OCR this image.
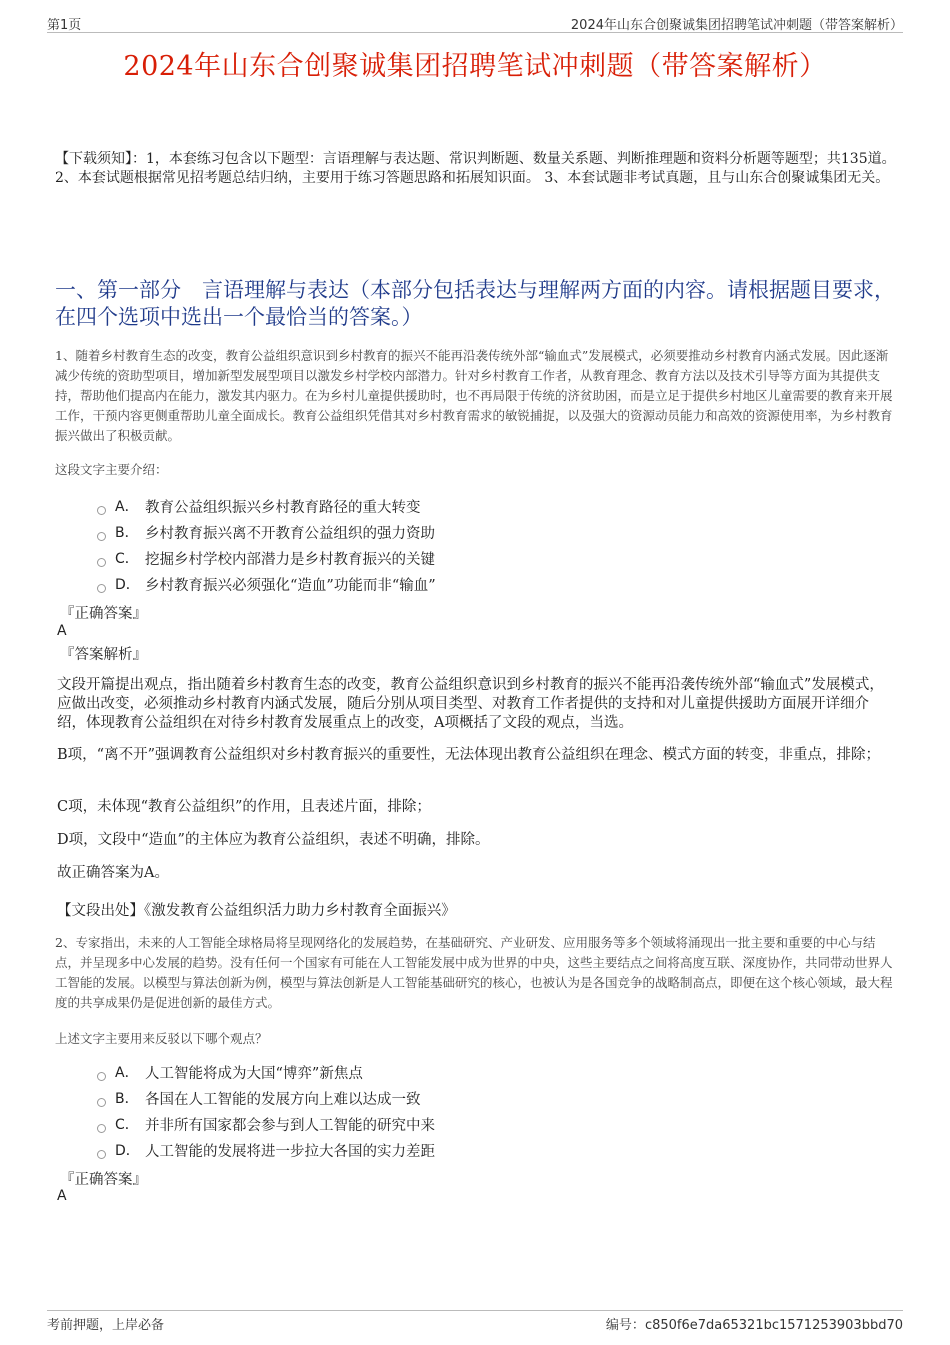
第1页	2024年山东合创聚诚集团招聘笔试冲刺题（带答案解析）
2024年山东合创聚诚集团招聘笔试冲刺题（带答案解析）
【下载须知】：1，本套练习包含以下题型：言语理解与表达题、常识判断题、数量关系题、判断推理题和资料分析题等题型；共135道。 2、本套试题根据常见招考题总结归纳，主要用于练习答题思路和拓展知识面。 3、本套试题非考试真题，且与山东合创聚诚集团无关。
一、第一部分　言语理解与表达（本部分包括表达与理解两方面的内容。请根据题目要求，在四个选项中选出一个最恰当的答案。）
1、随着乡村教育生态的改变，教育公益组织意识到乡村教育的振兴不能再沿袭传统外部“输血式”发展模式，必须要推动乡村教育内涵式发展。因此逐渐减少传统的资助型项目，增加新型发展型项目以激发乡村学校内部潜力。针对乡村教育工作者，从教育理念、教育方法以及技术引导等方面为其提供支持，帮助他们提高内在能力，激发其内驱力。在为乡村儿童提供援助时，也不再局限于传统的济贫助困，而是立足于提供乡村地区儿童需要的教育来开展工作，干预内容更侧重帮助儿童全面成长。教育公益组织凭借其对乡村教育需求的敏锐捕捉，以及强大的资源动员能力和高效的资源使用率，为乡村教育振兴做出了积极贡献。
这段文字主要介绍：
A． 教育公益组织振兴乡村教育路径的重大转变
B． 乡村教育振兴离不开教育公益组织的强力资助
C． 挖掘乡村学校内部潜力是乡村教育振兴的关键
D． 乡村教育振兴必须强化“造血”功能而非“输血”
『正确答案』
A
『答案解析』
文段开篇提出观点，指出随着乡村教育生态的改变，教育公益组织意识到乡村教育的振兴不能再沿袭传统外部“输血式”发展模式，应做出改变，必须推动乡村教育内涵式发展，随后分别从项目类型、对教育工作者提供的支持和对儿童提供援助方面展开详细介绍，体现教育公益组织在对待乡村教育发展重点上的改变，A项概括了文段的观点，当选。
B项，“离不开”强调教育公益组织对乡村教育振兴的重要性，无法体现出教育公益组织在理念、模式方面的转变，非重点，排除；
C项，未体现“教育公益组织”的作用，且表述片面，排除；
D项，文段中“造血”的主体应为教育公益组织，表述不明确，排除。
故正确答案为A。
【文段出处】《激发教育公益组织活力助力乡村教育全面振兴》
2、专家指出，未来的人工智能全球格局将呈现网络化的发展趋势，在基础研究、产业研发、应用服务等多个领域将涌现出一批主要和重要的中心与结点，并呈现多中心发展的趋势。没有任何一个国家有可能在人工智能发展中成为世界的中央，这些主要结点之间将高度互联、深度协作，共同带动世界人工智能的发展。以模型与算法创新为例，模型与算法创新是人工智能基础研究的核心，也被认为是各国竞争的战略制高点，即便在这个核心领域，最大程度的共享成果仍是促进创新的最佳方式。
上述文字主要用来反驳以下哪个观点？
A． 人工智能将成为大国“博弈”新焦点
B． 各国在人工智能的发展方向上难以达成一致
C． 并非所有国家都会参与到人工智能的研究中来
D． 人工智能的发展将进一步拉大各国的实力差距
『正确答案』
A
考前押题，上岸必备	编号：c850f6e7da65321bc1571253903bbd70
